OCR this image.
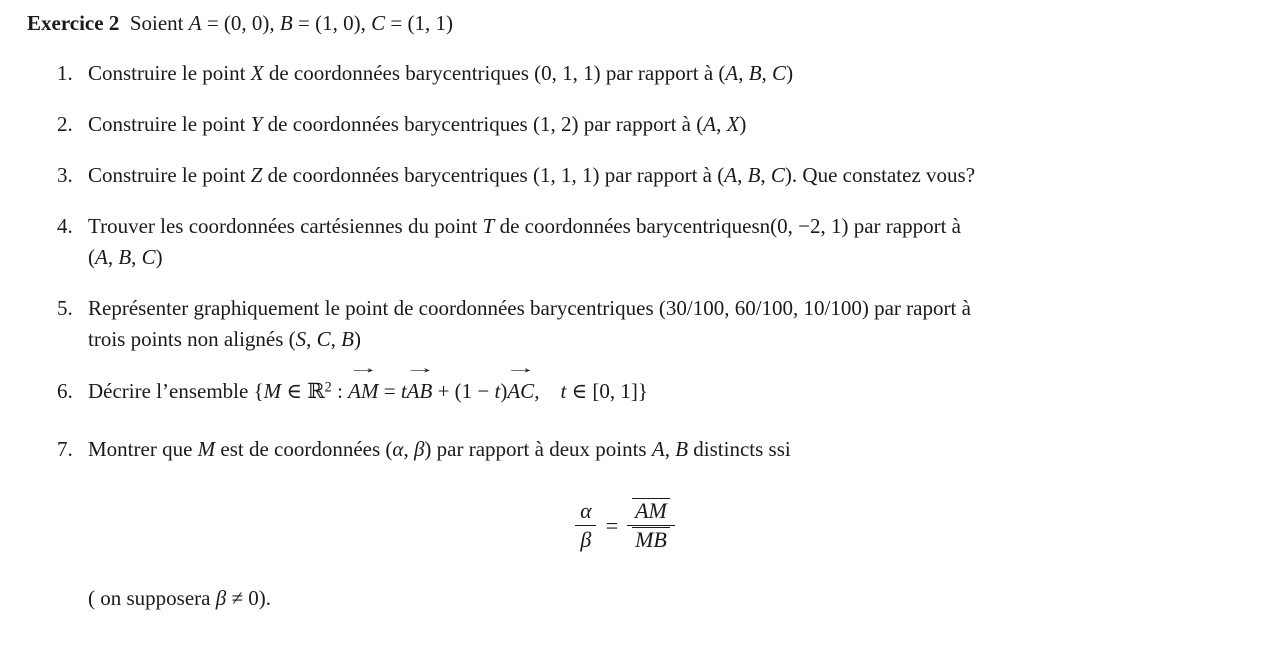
Exercice 2  Soient A = (0, 0), B = (1, 0), C = (1, 1)
1. Construire le point X de coordonnées barycentriques (0, 1, 1) par rapport à (A, B, C)
2. Construire le point Y de coordonnées barycentriques (1, 2) par rapport à (A, X)
3. Construire le point Z de coordonnées barycentriques (1, 1, 1) par rapport à (A, B, C). Que constatez vous?
4. Trouver les coordonnées cartésiennes du point T de coordonnées barycentriquesn(0, −2, 1) par rapport à
(A, B, C)
5. Représenter graphiquement le point de coordonnées barycentriques (30/100, 60/100, 10/100) par raport à
trois points non alignés (S, C, B)
6. Décrire l’ensemble {M ∈ ℝ$^2$ :
→
AM = t
→
AB + (1 − t)
→
AC,    t ∈ [0, 1]}
7. Montrer que M est de coordonnées (α, β) par rapport à deux points A, B distincts ssi
$\frac{\alpha}{\beta} = \frac{AM}{MB}$
( on supposera β ≠ 0).
